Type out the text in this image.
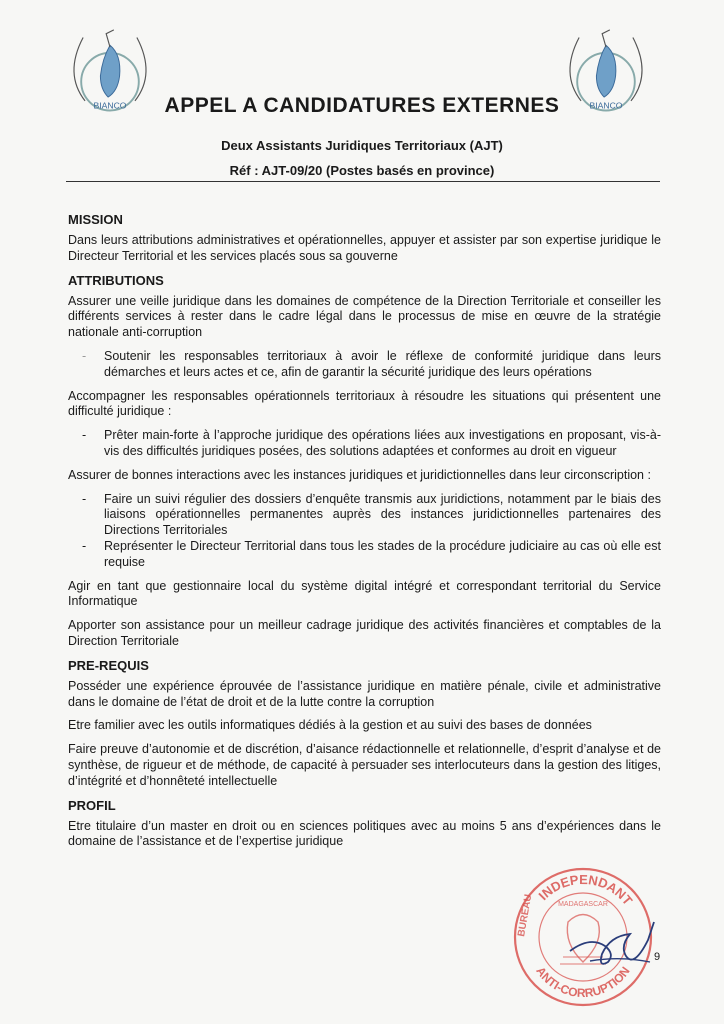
BIANCO	BIANCO
APPEL A CANDIDATURES EXTERNES
Deux Assistants Juridiques Territoriaux (AJT)
Réf : AJT-09/20 (Postes basés en province)
MISSION

Dans leurs attributions administratives et opérationnelles, appuyer et assister par son expertise juridique le Directeur Territorial et les services placés sous sa gouverne

ATTRIBUTIONS

Assurer une veille juridique dans les domaines de compétence de la Direction Territoriale et conseiller les différents services à rester dans le cadre légal dans le processus de mise en œuvre de la stratégie nationale anti-corruption

- Soutenir les responsables territoriaux à avoir le réflexe de conformité juridique dans leurs démarches et leurs actes et ce, afin de garantir la sécurité juridique des leurs opérations

Accompagner les responsables opérationnels territoriaux à résoudre les situations qui présentent une difficulté juridique :

- Prêter main-forte à l’approche juridique des opérations liées aux investigations en proposant, vis-à-vis des difficultés juridiques posées, des solutions adaptées et conformes au droit en vigueur

Assurer de bonnes interactions avec les instances juridiques et juridictionnelles dans leur circonscription :

- Faire un suivi régulier des dossiers d’enquête transmis aux juridictions, notamment par le biais des liaisons opérationnelles permanentes auprès des instances juridictionnelles partenaires des Directions Territoriales
- Représenter le Directeur Territorial dans tous les stades de la procédure judiciaire au cas où elle est requise

Agir en tant que gestionnaire local du système digital intégré et correspondant territorial du Service Informatique

Apporter son assistance pour un meilleur cadrage juridique des activités financières et comptables de la Direction Territoriale

PRE-REQUIS

Posséder une expérience éprouvée de l’assistance juridique en matière pénale, civile et administrative dans le domaine de l’état de droit et de la lutte contre la corruption

Etre familier avec les outils informatiques dédiés à la gestion et au suivi des bases de données

Faire preuve d’autonomie et de discrétion, d’aisance rédactionnelle et relationnelle, d’esprit d’analyse et de synthèse, de rigueur et de méthode, de capacité à persuader ses interlocuteurs dans la gestion des litiges, d’intégrité et d’honnêteté intellectuelle

PROFIL

Etre titulaire d’un master en droit ou en sciences politiques avec au moins 5 ans d’expériences dans le domaine de l’assistance et de l’expertise juridique

INDEPENDANT
ANTI-CORRUPTION
MADAGASCAR
BUREAU
9
